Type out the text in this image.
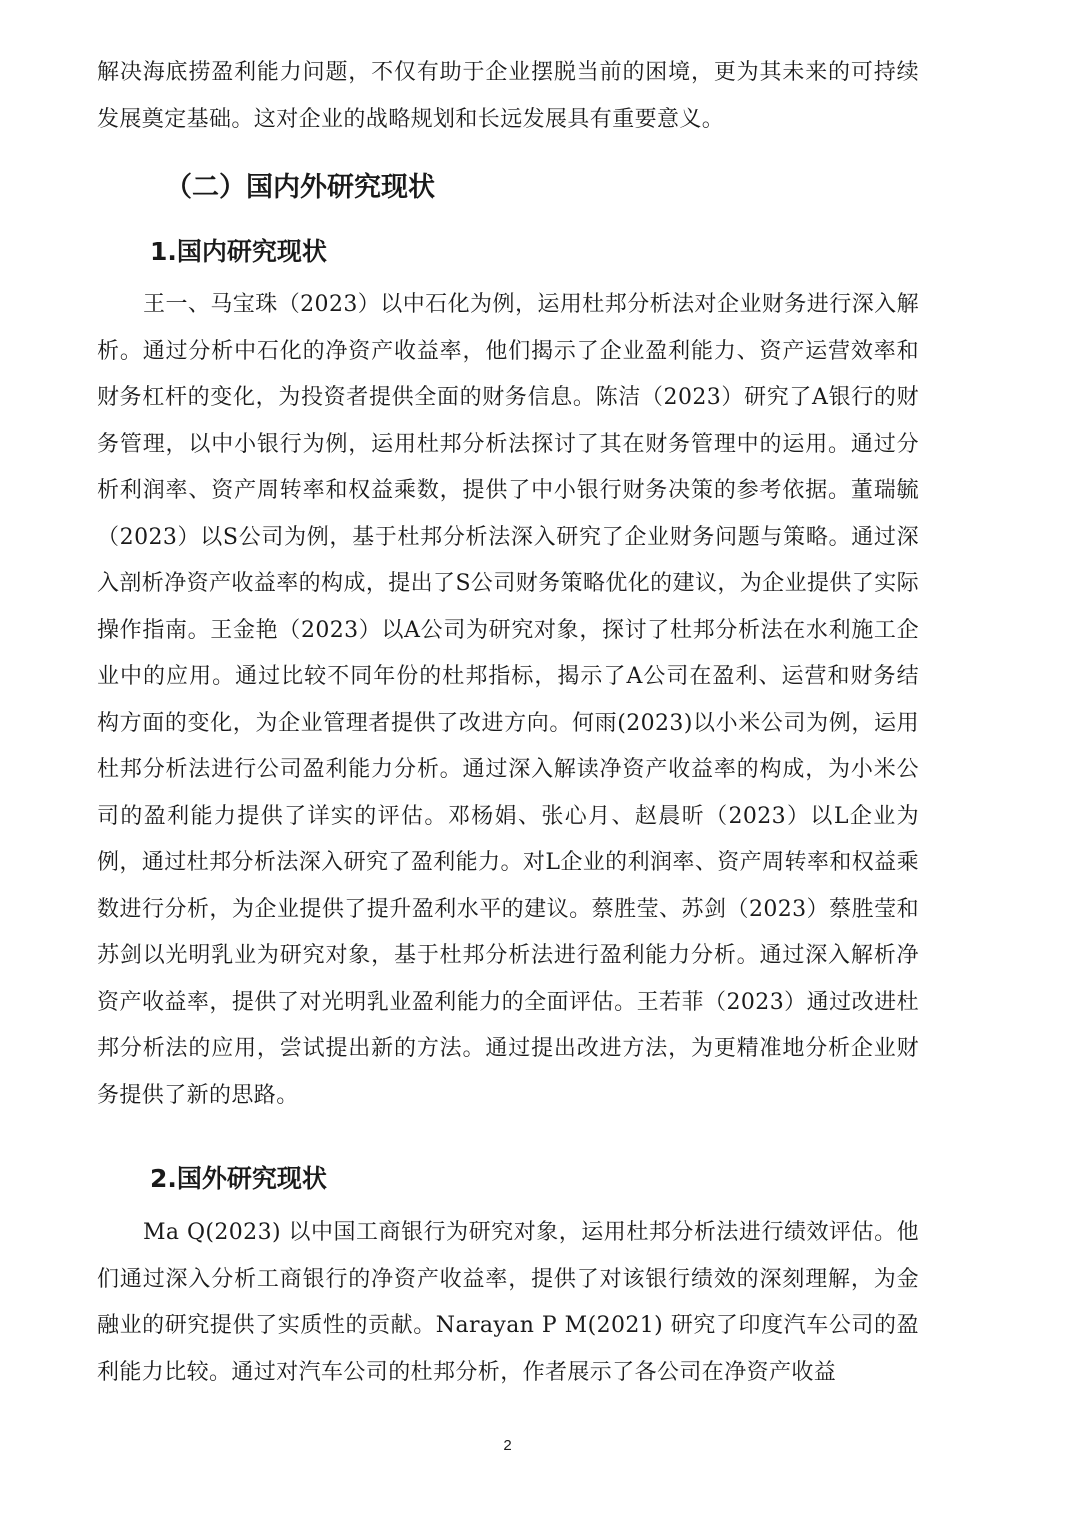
解决海底捞盈利能力问题，不仅有助于企业摆脱当前的困境，更为其未来的可持续发展奠定基础。这对企业的战略规划和长远发展具有重要意义。

（二）国内外研究现状
1.国内研究现状

王一、马宝珠（2023）以中石化为例，运用杜邦分析法对企业财务进行深入解析。通过分析中石化的净资产收益率，他们揭示了企业盈利能力、资产运营效率和财务杠杆的变化，为投资者提供全面的财务信息。陈洁（2023）研究了A银行的财务管理，以中小银行为例，运用杜邦分析法探讨了其在财务管理中的运用。通过分析利润率、资产周转率和权益乘数，提供了中小银行财务决策的参考依据。董瑞毓（2023）以S公司为例，基于杜邦分析法深入研究了企业财务问题与策略。通过深入剖析净资产收益率的构成，提出了S公司财务策略优化的建议，为企业提供了实际操作指南。王金艳（2023）以A公司为研究对象，探讨了杜邦分析法在水利施工企业中的应用。通过比较不同年份的杜邦指标，揭示了A公司在盈利、运营和财务结构方面的变化，为企业管理者提供了改进方向。何雨(2023)以小米公司为例，运用杜邦分析法进行公司盈利能力分析。通过深入解读净资产收益率的构成，为小米公司的盈利能力提供了详实的评估。邓杨娟、张心月、赵晨昕（2023）以L企业为例，通过杜邦分析法深入研究了盈利能力。对L企业的利润率、资产周转率和权益乘数进行分析，为企业提供了提升盈利水平的建议。蔡胜莹、苏剑（2023）蔡胜莹和苏剑以光明乳业为研究对象，基于杜邦分析法进行盈利能力分析。通过深入解析净资产收益率，提供了对光明乳业盈利能力的全面评估。王若菲（2023）通过改进杜邦分析法的应用，尝试提出新的方法。通过提出改进方法，为更精准地分析企业财务提供了新的思路。

2.国外研究现状

Ma Q(2023) 以中国工商银行为研究对象，运用杜邦分析法进行绩效评估。他们通过深入分析工商银行的净资产收益率，提供了对该银行绩效的深刻理解，为金融业的研究提供了实质性的贡献。Narayan P M(2021) 研究了印度汽车公司的盈利能力比较。通过对汽车公司的杜邦分析，作者展示了各公司在净资产收益

2
